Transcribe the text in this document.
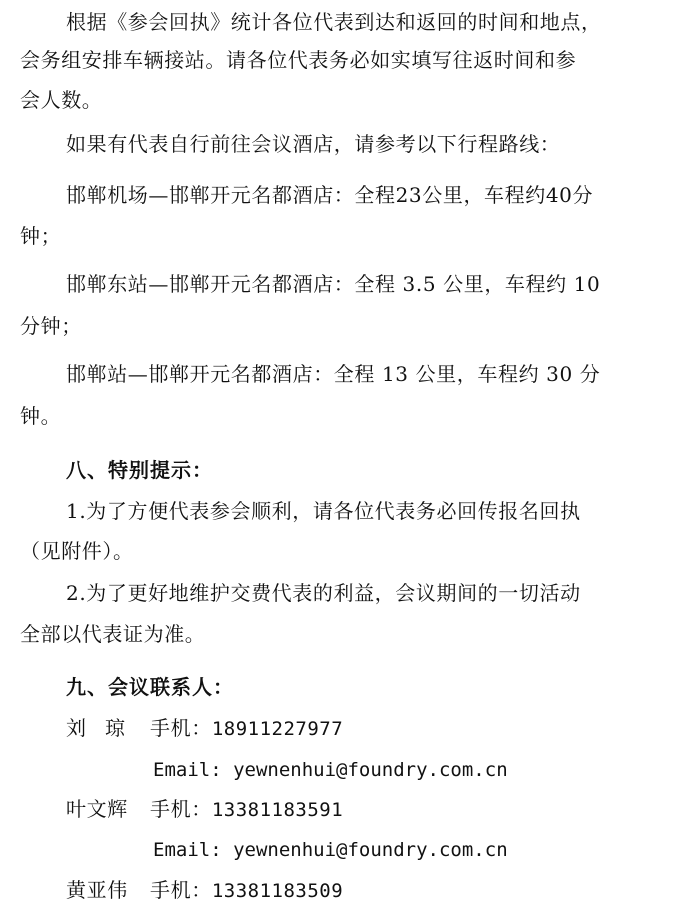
根据《参会回执》统计各位代表到达和返回的时间和地点，
会务组安排车辆接站。请各位代表务必如实填写往返时间和参
会人数。
如果有代表自行前往会议酒店，请参考以下行程路线：
邯郸机场—邯郸开元名都酒店：全程23公里，车程约40分
钟；
邯郸东站—邯郸开元名都酒店：全程 3.5 公里，车程约 10
分钟；
邯郸站—邯郸开元名都酒店：全程 13 公里，车程约 30 分
钟。
八、特别提示：
1.为了方便代表参会顺利，请各位代表务必回传报名回执
（见附件）。
2.为了更好地维护交费代表的利益，会议期间的一切活动
全部以代表证为准。
九、会议联系人：
刘琼 手机：18911227977
Email: yewnenhui@foundry.com.cn
叶文辉 手机：13381183591
Email: yewnenhui@foundry.com.cn
黄亚伟 手机：13381183509
